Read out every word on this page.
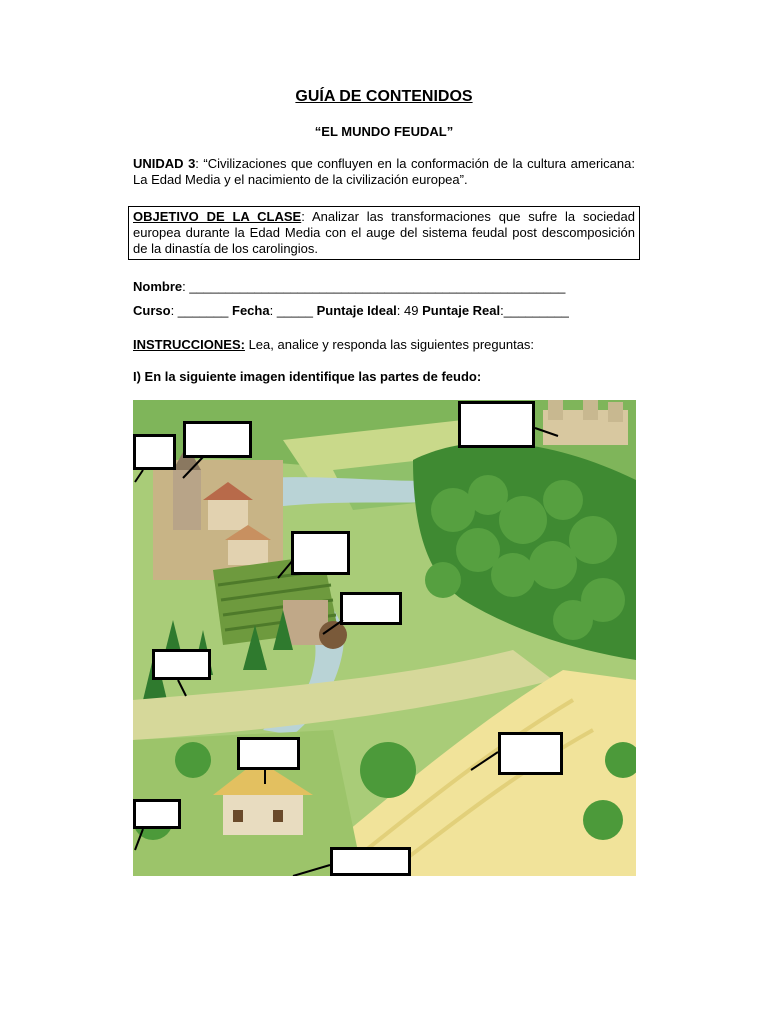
GUÍA DE CONTENIDOS
“EL MUNDO FEUDAL”
UNIDAD 3: “Civilizaciones que confluyen en la conformación de la cultura americana: La Edad Media y el nacimiento de la civilización europea”.
OBJETIVO DE LA CLASE: Analizar las transformaciones que sufre la sociedad europea durante la Edad Media con el auge del sistema feudal post descomposición de la dinastía de los carolingios.
Nombre: ____________________________________________________
Curso: _______ Fecha: _____ Puntaje Ideal: 49 Puntaje Real:_________
INSTRUCCIONES: Lea, analice y responda las siguientes preguntas:
I) En la siguiente imagen identifique las partes de feudo:
